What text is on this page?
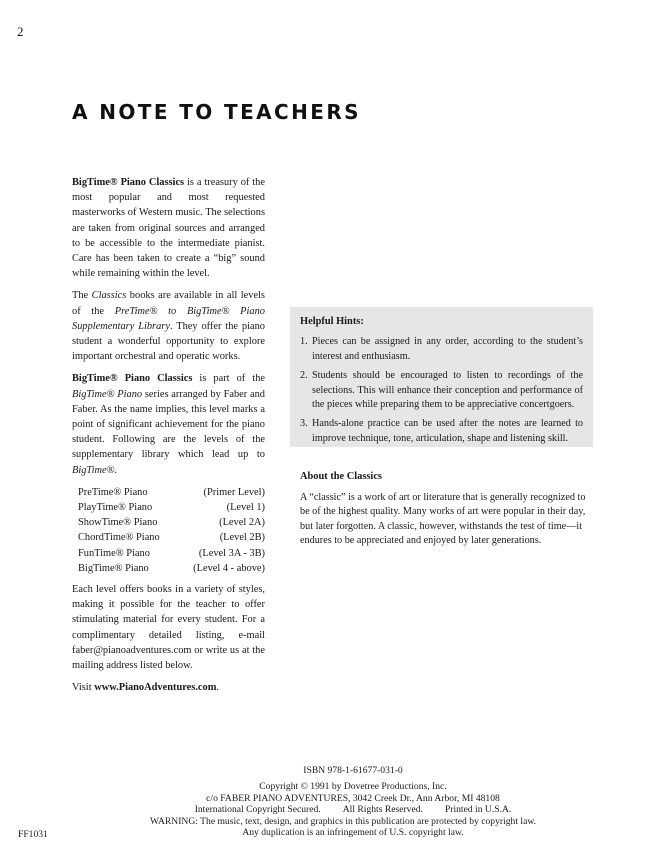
2
A NOTE TO TEACHERS

BigTime® Piano Classics is a treasury of the most popular and most requested masterworks of Western music. The selections are taken from original sources and arranged to be accessible to the intermediate pianist. Care has been taken to create a “big” sound while remaining within the level.

The Classics books are available in all levels of the PreTime® to BigTime® Piano Supplementary Library. They offer the piano student a wonderful opportunity to explore important orchestral and operatic works.

BigTime® Piano Classics is part of the BigTime® Piano series arranged by Faber and Faber. As the name implies, this level marks a point of significant achievement for the piano student. Following are the levels of the supplementary library which lead up to BigTime®.

PreTime® Piano	(Primer Level)
PlayTime® Piano	(Level 1)
ShowTime® Piano	(Level 2A)
ChordTime® Piano	(Level 2B)
FunTime® Piano	(Level 3A - 3B)
BigTime® Piano	(Level 4 - above)

Each level offers books in a variety of styles, making it possible for the teacher to offer stimulating material for every student. For a complimentary detailed listing, e-mail faber@pianoadventures.com or write us at the mailing address listed below.

Visit www.PianoAdventures.com.

Helpful Hints:
1. Pieces can be assigned in any order, according to the student’s interest and enthusiasm.
2. Students should be encouraged to listen to recordings of the selections. This will enhance their conception and performance of the pieces while preparing them to be appreciative concertgoers.
3. Hands-alone practice can be used after the notes are learned to improve technique, tone, articulation, shape and listening skill.
About the Classics

A “classic” is a work of art or literature that is generally recognized to be of the highest quality. Many works of art were popular in their day, but later forgotten. A classic, however, withstands the test of time—it endures to be appreciated and enjoyed by later generations.

ISBN 978-1-61677-031-0
Copyright © 1991 by Dovetree Productions, Inc.
c/o FABER PIANO ADVENTURES, 3042 Creek Dr., Ann Arbor, MI 48108
International Copyright Secured. All Rights Reserved. Printed in U.S.A.
WARNING: The music, text, design, and graphics in this publication are protected by copyright law.
Any duplication is an infringement of U.S. copyright law.
FF1031
